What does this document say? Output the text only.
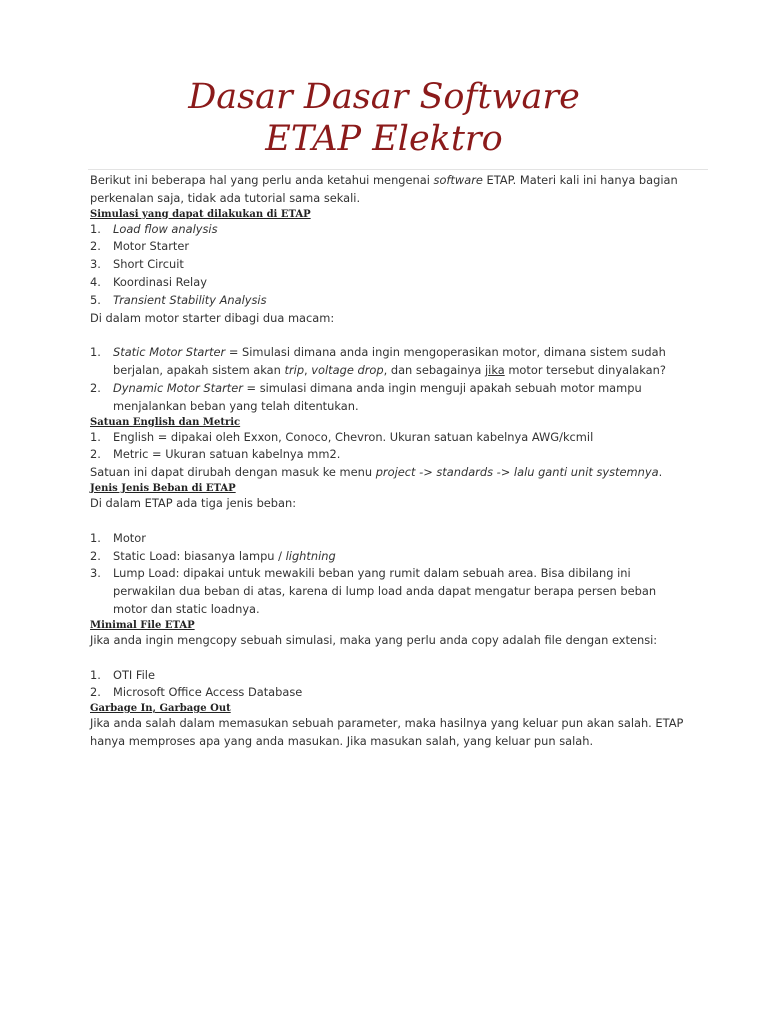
Dasar Dasar Software
ETAP Elektro

Berikut ini beberapa hal yang perlu anda ketahui mengenai software ETAP. Materi kali ini hanya bagian perkenalan saja, tidak ada tutorial sama sekali.

Simulasi yang dapat dilakukan di ETAP
1. Load flow analysis
2. Motor Starter
3. Short Circuit
4. Koordinasi Relay
5. Transient Stability Analysis

Di dalam motor starter dibagi dua macam:

1. Static Motor Starter = Simulasi dimana anda ingin mengoperasikan motor, dimana sistem sudah berjalan, apakah sistem akan trip, voltage drop, dan sebagainya jika motor tersebut dinyalakan?
2. Dynamic Motor Starter = simulasi dimana anda ingin menguji apakah sebuah motor mampu menjalankan beban yang telah ditentukan.
Satuan English dan Metric
1. English = dipakai oleh Exxon, Conoco, Chevron. Ukuran satuan kabelnya AWG/kcmil
2. Metric = Ukuran satuan kabelnya mm2.

Satuan ini dapat dirubah dengan masuk ke menu project -> standards -> lalu ganti unit systemnya.

Jenis Jenis Beban di ETAP

Di dalam ETAP ada tiga jenis beban:

1. Motor
2. Static Load: biasanya lampu / lightning
3. Lump Load: dipakai untuk mewakili beban yang rumit dalam sebuah area. Bisa dibilang ini perwakilan dua beban di atas, karena di lump load anda dapat mengatur berapa persen beban motor dan static loadnya.
Minimal File ETAP

Jika anda ingin mengcopy sebuah simulasi, maka yang perlu anda copy adalah file dengan extensi:

1. OTI File
2. Microsoft Office Access Database
Garbage In, Garbage Out

Jika anda salah dalam memasukan sebuah parameter, maka hasilnya yang keluar pun akan salah. ETAP hanya memproses apa yang anda masukan. Jika masukan salah, yang keluar pun salah.
